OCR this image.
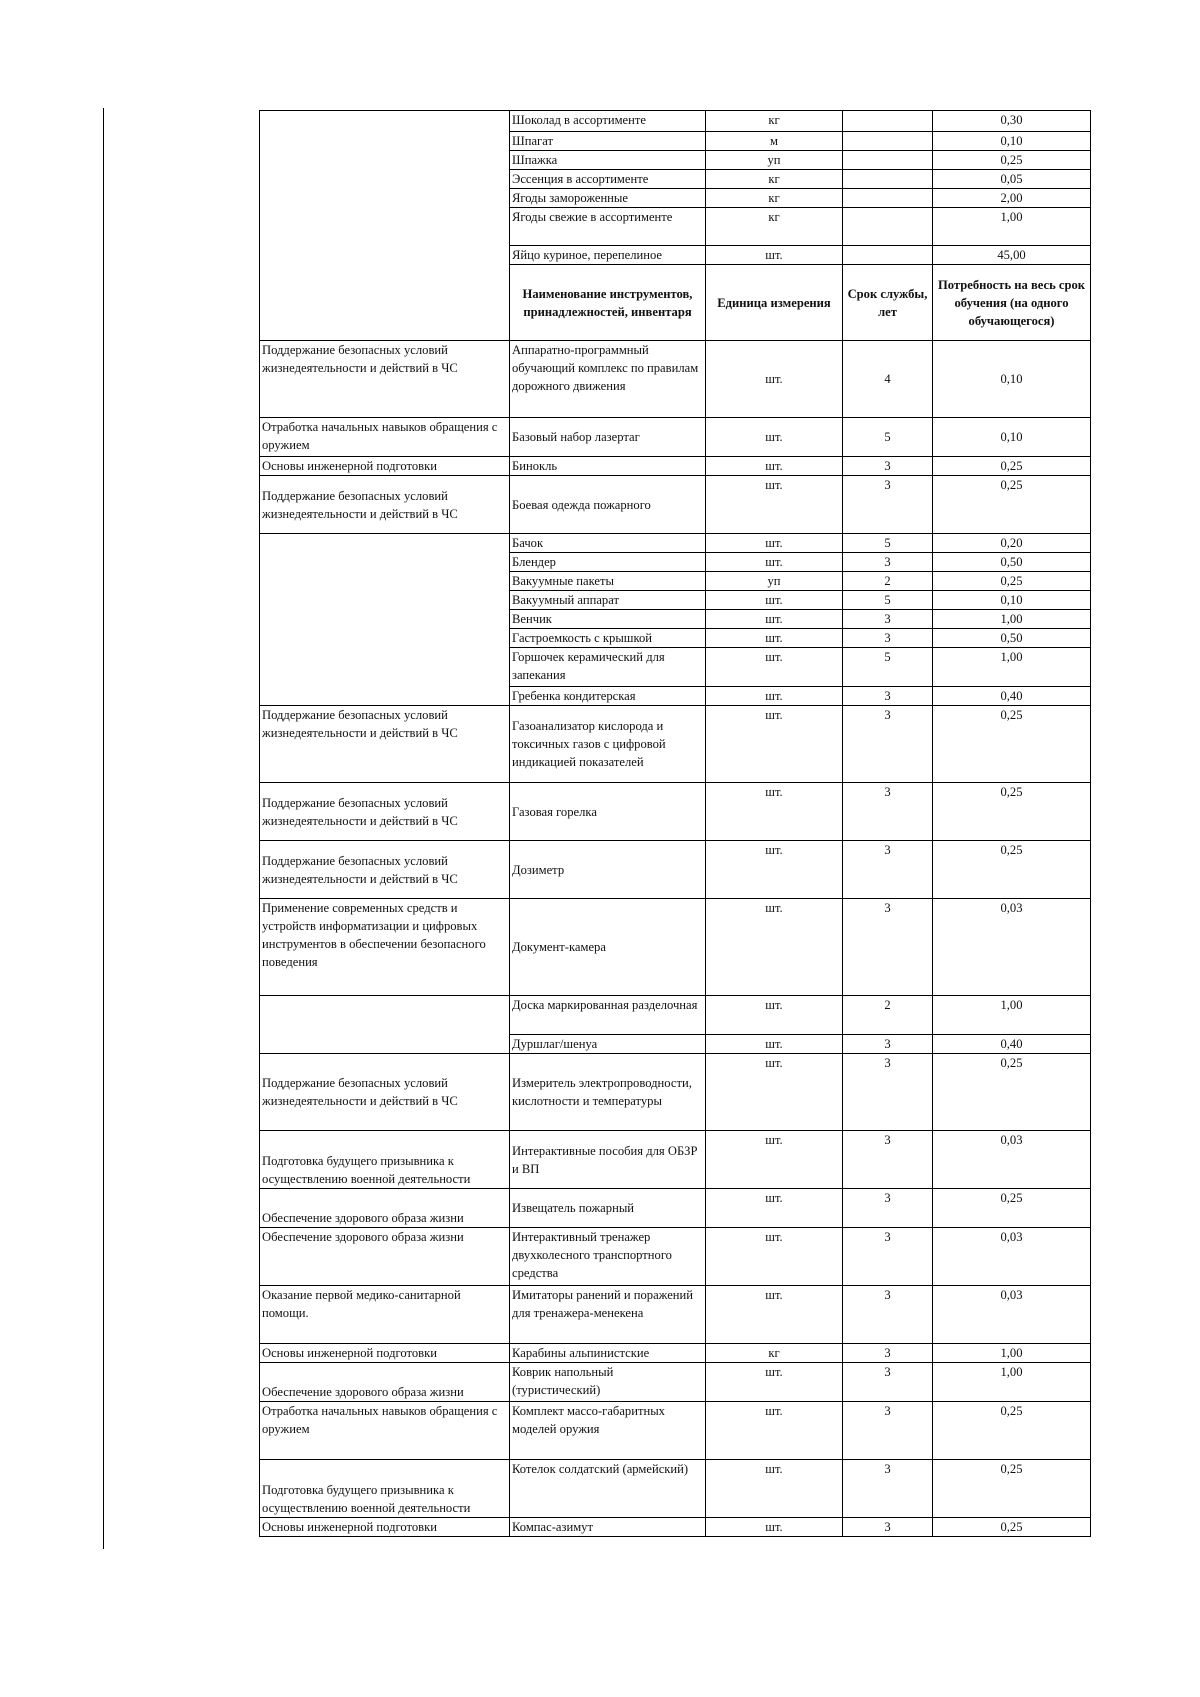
	Шоколад в ассортименте	кг		0,30
	Шпагат	м		0,10
	Шпажка	уп		0,25
	Эссенция в ассортименте	кг		0,05
	Ягоды замороженные	кг		2,00
	Ягоды свежие в ассортименте	кг		1,00
	Яйцо куриное, перепелиное	шт.		45,00
	Наименование инструментов, принадлежностей, инвентаря	Единица измерения	Срок службы, лет	Потребность на весь срок обучения (на одного обучающегося)
Поддержание безопасных условий жизнедеятельности и действий в ЧС	Аппаратно-программный обучающий комплекс по правилам дорожного движения	шт.	4	0,10
Отработка начальных навыков обращения с оружием	Базовый набор лазертаг	шт.	5	0,10
Основы инженерной подготовки	Бинокль	шт.	3	0,25
Поддержание безопасных условий жизнедеятельности и действий в ЧС	Боевая одежда пожарного	шт.	3	0,25
	Бачок	шт.	5	0,20
	Блендер	шт.	3	0,50
	Вакуумные пакеты	уп	2	0,25
	Вакуумный аппарат	шт.	5	0,10
	Венчик	шт.	3	1,00
	Гастроемкость с крышкой	шт.	3	0,50
	Горшочек керамический для запекания	шт.	5	1,00
	Гребенка кондитерская	шт.	3	0,40
Поддержание безопасных условий жизнедеятельности и действий в ЧС	Газоанализатор кислорода и токсичных газов с цифровой индикацией показателей	шт.	3	0,25
Поддержание безопасных условий жизнедеятельности и действий в ЧС	Газовая горелка	шт.	3	0,25
Поддержание безопасных условий жизнедеятельности и действий в ЧС	Дозиметр	шт.	3	0,25
Применение современных средств и устройств информатизации и цифровых инструментов в обеспечении безопасного поведения	Документ-камера	шт.	3	0,03
	Доска маркированная разделочная	шт.	2	1,00
	Дуршлаг/шенуа	шт.	3	0,40
Поддержание безопасных условий жизнедеятельности и действий в ЧС	Измеритель электропроводности, кислотности и температуры	шт.	3	0,25
Подготовка будущего призывника к осуществлению военной деятельности	Интерактивные пособия для ОБЗР и ВП	шт.	3	0,03
Обеспечение здорового образа жизни	Извещатель пожарный	шт.	3	0,25
Обеспечение здорового образа жизни	Интерактивный тренажер двухколесного транспортного средства	шт.	3	0,03
Оказание первой медико-санитарной помощи.	Имитаторы ранений и поражений для тренажера-менекена	шт.	3	0,03
Основы инженерной подготовки	Карабины альпинистские	кг	3	1,00
Обеспечение здорового образа жизни	Коврик напольный (туристический)	шт.	3	1,00
Отработка начальных навыков обращения с оружием	Комплект массо-габаритных моделей оружия	шт.	3	0,25
Подготовка будущего призывника к осуществлению военной деятельности	Котелок солдатский (армейский)	шт.	3	0,25
Основы инженерной подготовки	Компас-азимут	шт.	3	0,25
